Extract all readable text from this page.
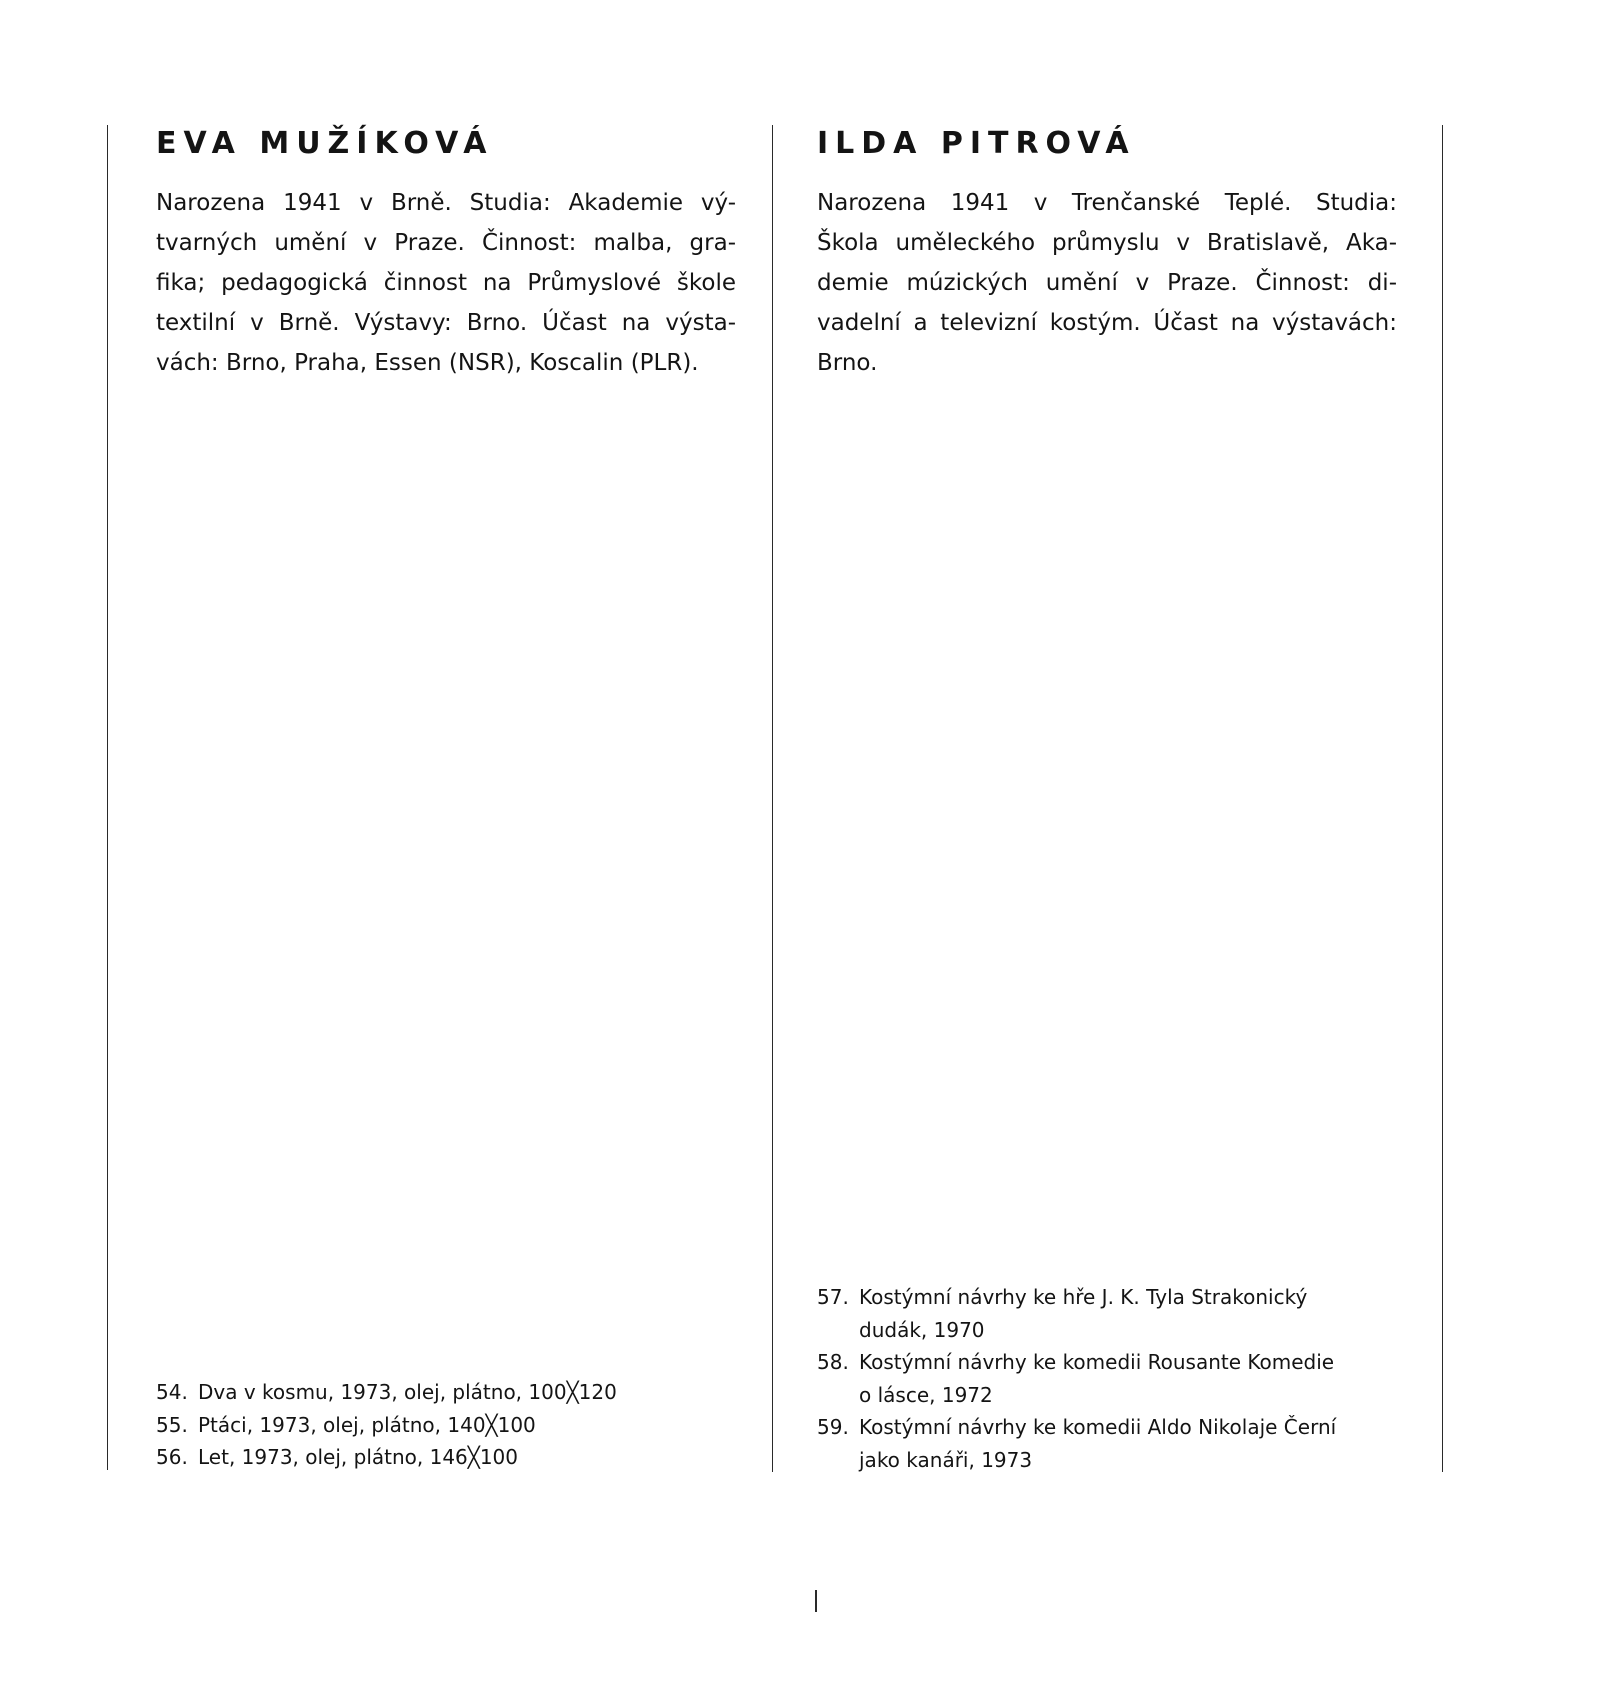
EVA MUŽÍKOVÁ

Narozena 1941 v Brně. Studia: Akademie vý-
tvarných umění v Praze. Činnost: malba, gra-
fika; pedagogická činnost na Průmyslové škole
textilní v Brně. Výstavy: Brno. Účast na výsta-
vách: Brno, Praha, Essen (NSR), Koscalin (PLR).

54. Dva v kosmu, 1973, olej, plátno, 100╳120
55. Ptáci, 1973, olej, plátno, 140╳100
56. Let, 1973, olej, plátno, 146╳100
ILDA PITROVÁ

Narozena 1941 v Trenčanské Teplé. Studia:
Škola uměleckého průmyslu v Bratislavě, Aka-
demie múzických umění v Praze. Činnost: di-
vadelní a televizní kostým. Účast na výstavách:
Brno.

57. Kostýmní návrhy ke hře J. K. Tyla Strakonický
dudák, 1970
58. Kostýmní návrhy ke komedii Rousante Komedie
o lásce, 1972
59. Kostýmní návrhy ke komedii Aldo Nikolaje Černí
jako kanáři, 1973
